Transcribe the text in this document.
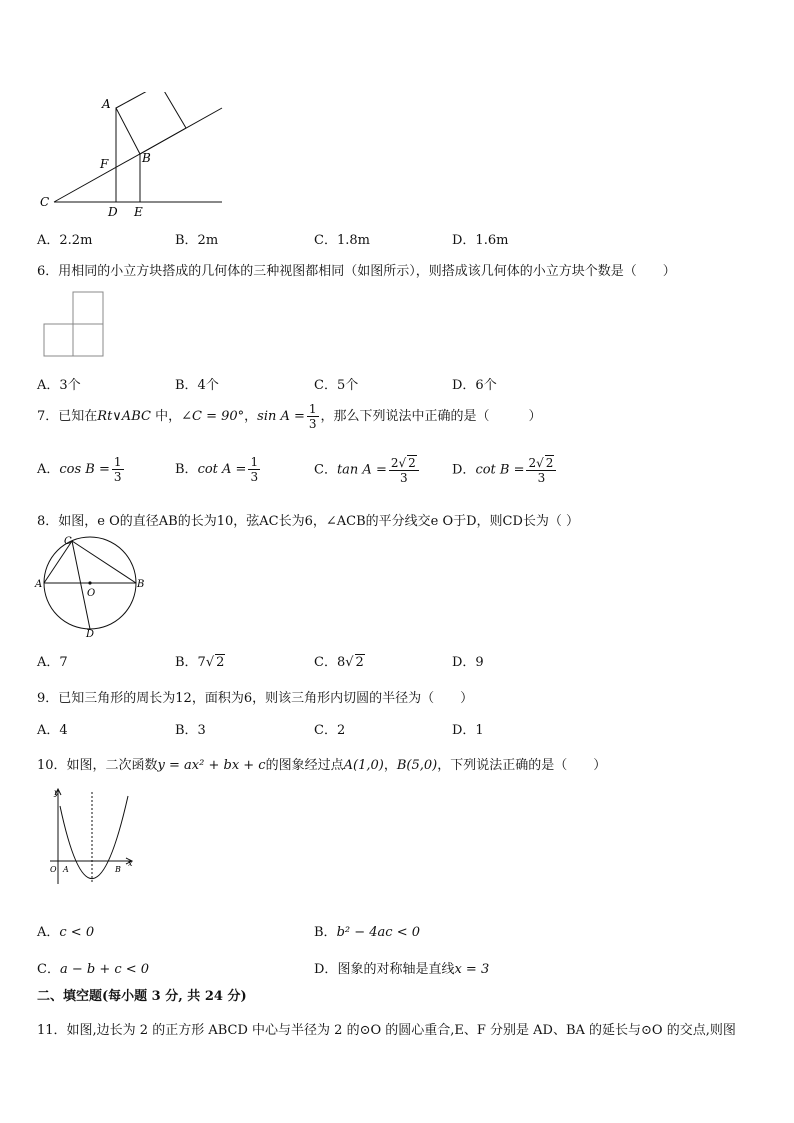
A
B
C
D E
F
A．2.2m	B．2m	C．1.8m	D．1.6m
6．用相同的小立方块搭成的几何体的三种视图都相同（如图所示），则搭成该几何体的小立方块个数是（　　）
A．3个	B．4个	C．5个	D．6个
7．已知在Rt∨ABC 中，∠C = 90°，$\sin A = \frac{1}{3}$ ，那么下列说法中正确的是（　　　）
A．$\cos B = \frac{1}{3}$	B．$\cot A = \frac{1}{3}$	C．$\tan A = \frac{2√ 2}{3}$	D．$\cot B = \frac{2√ 2}{3}$
8．如图，e O的直径AB的长为10，弦AC长为6，∠ACB的平分线交e O于D，则CD长为（ ）
C
A	B
O
D
A．7	B．7√ 2	C．8√ 2	D．9
9．已知三角形的周长为12，面积为6，则该三角形内切圆的半径为（　　）
A．4	B．3	C．2	D．1
10．如图，二次函数y = ax² + bx + c的图象经过点A(1,0)，B(5,0)，下列说法正确的是（　　）
y
x
O A	B
A．c < 0	B．b² − 4ac < 0
C．a − b + c < 0	D．图象的对称轴是直线x = 3
二、填空题(每小题 3 分, 共 24 分)
11．如图,边长为 2 的正方形 ABCD 中心与半径为 2 的⊙O 的圆心重合,E、F 分别是 AD、BA 的延长与⊙O 的交点,则图
